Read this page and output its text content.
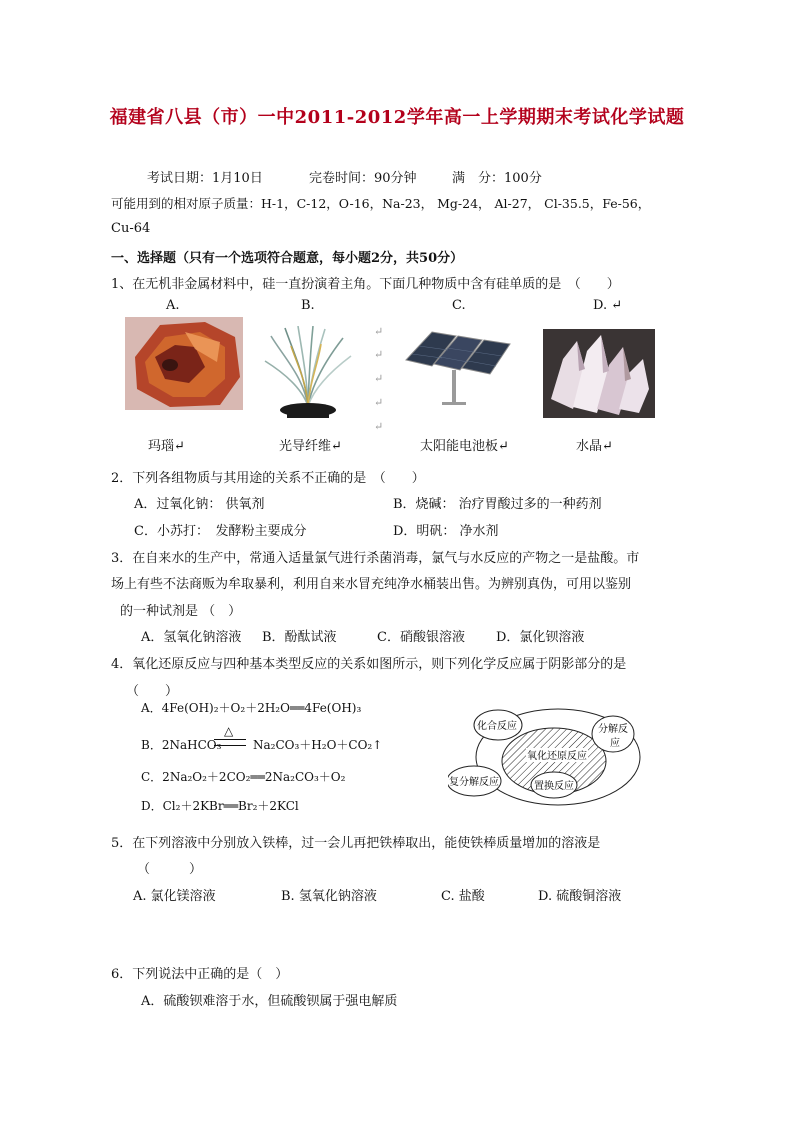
福建省八县（市）一中2011-2012学年高一上学期期末考试化学试题
考试日期：1月10日	完卷时间：90分钟	满　分：100分
可能用到的相对原子质量：H-1，C-12，O-16，Na-23， Mg-24， Al-27， Cl-35.5，Fe-56，
Cu-64
一、选择题（只有一个选项符合题意，每小题2分，共50分）
1、在无机非金属材料中，硅一直扮演着主角。下面几种物质中含有硅单质的是　（　　）
A.	B.	C.	D. ↵
↵
↵
↵
↵
↵
玛瑙↵	光导纤维↵	太阳能电池板↵	水晶↵
2．下列各组物质与其用途的关系不正确的是　（　　）
A．过氧化钠： 供氧剂	B．烧碱： 治疗胃酸过多的一种药剂
C．小苏打：　发酵粉主要成分	D．明矾： 净水剂
3．在自来水的生产中，常通入适量氯气进行杀菌消毒，氯气与水反应的产物之一是盐酸。市
场上有些不法商贩为牟取暴利，利用自来水冒充纯净水桶装出售。为辨别真伪，可用以鉴别
的一种试剂是 （　）
A．氢氧化钠溶液 B．酚酞试液	C．硝酸银溶液 D．氯化钡溶液
4．氧化还原反应与四种基本类型反应的关系如图所示，则下列化学反应属于阴影部分的是
（　　）
A．4Fe(OH)₂＋O₂＋2H₂O══4Fe(OH)₃
B．2NaHCO₃
△
Na₂CO₃＋H₂O＋CO₂↑
C．2Na₂O₂＋2CO₂══2Na₂CO₃＋O₂
D．Cl₂＋2KBr══Br₂＋2KCl
化合反应	分解反
应
氧化还原反应
复分解反应	置换反应
5．在下列溶液中分别放入铁棒，过一会儿再把铁棒取出，能使铁棒质量增加的溶液是
（　　　）
A. 氯化镁溶液	B. 氢氧化钠溶液	C. 盐酸	D. 硫酸铜溶液
6．下列说法中正确的是（　）
A．硫酸钡难溶于水，但硫酸钡属于强电解质
